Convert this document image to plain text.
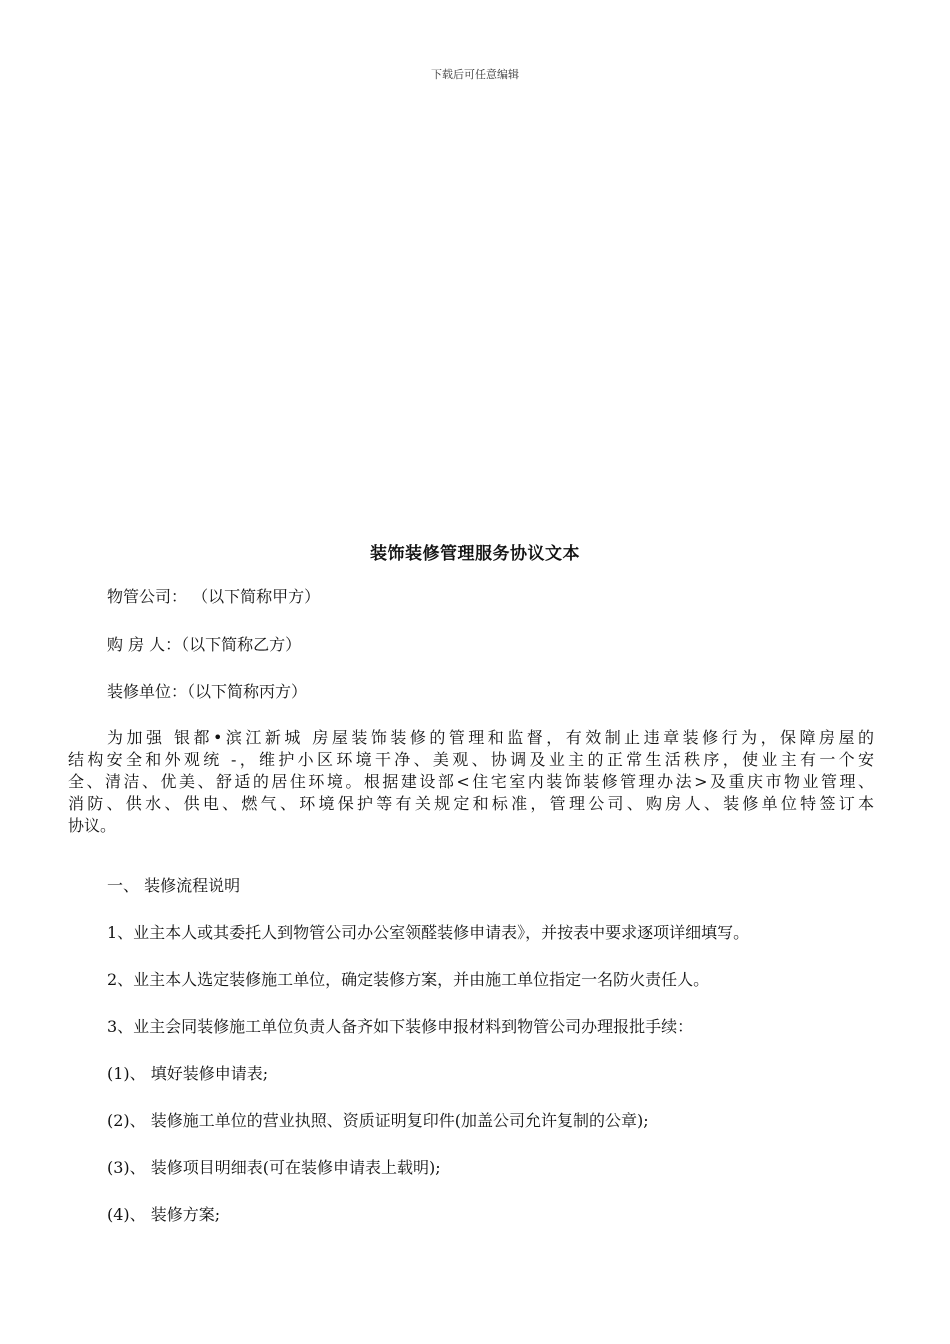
下载后可任意编辑
装饰装修管理服务协议文本
物管公司： （以下简称甲方）
购 房 人：（以下简称乙方）
装修单位：（以下简称丙方）
为加强 银都•滨江新城 房屋装饰装修的管理和监督，有效制止违章装修行为，保障房屋的
结构安全和外观统 -，维护小区环境干净、美观、协调及业主的正常生活秩序，使业主有一个安
全、清洁、优美、舒适的居住环境。根据建设部<住宅室内装饰装修管理办法>及重庆市物业管理、
消防、供水、供电、燃气、环境保护等有关规定和标准，管理公司、购房人、装修单位特签订本
协议。
一、 装修流程说明
1、业主本人或其委托人到物管公司办公室领醛装修申请表》，并按表中要求逐项详细填写。
2、业主本人选定装修施工单位，确定装修方案，并由施工单位指定一名防火责任人。
3、业主会同装修施工单位负责人备齐如下装修申报材料到物管公司办理报批手续：
(1)、 填好装修申请表;
(2)、 装修施工单位的营业执照、资质证明复印件(加盖公司允许复制的公章);
(3)、 装修项目明细表(可在装修申请表上载明);
(4)、 装修方案;
